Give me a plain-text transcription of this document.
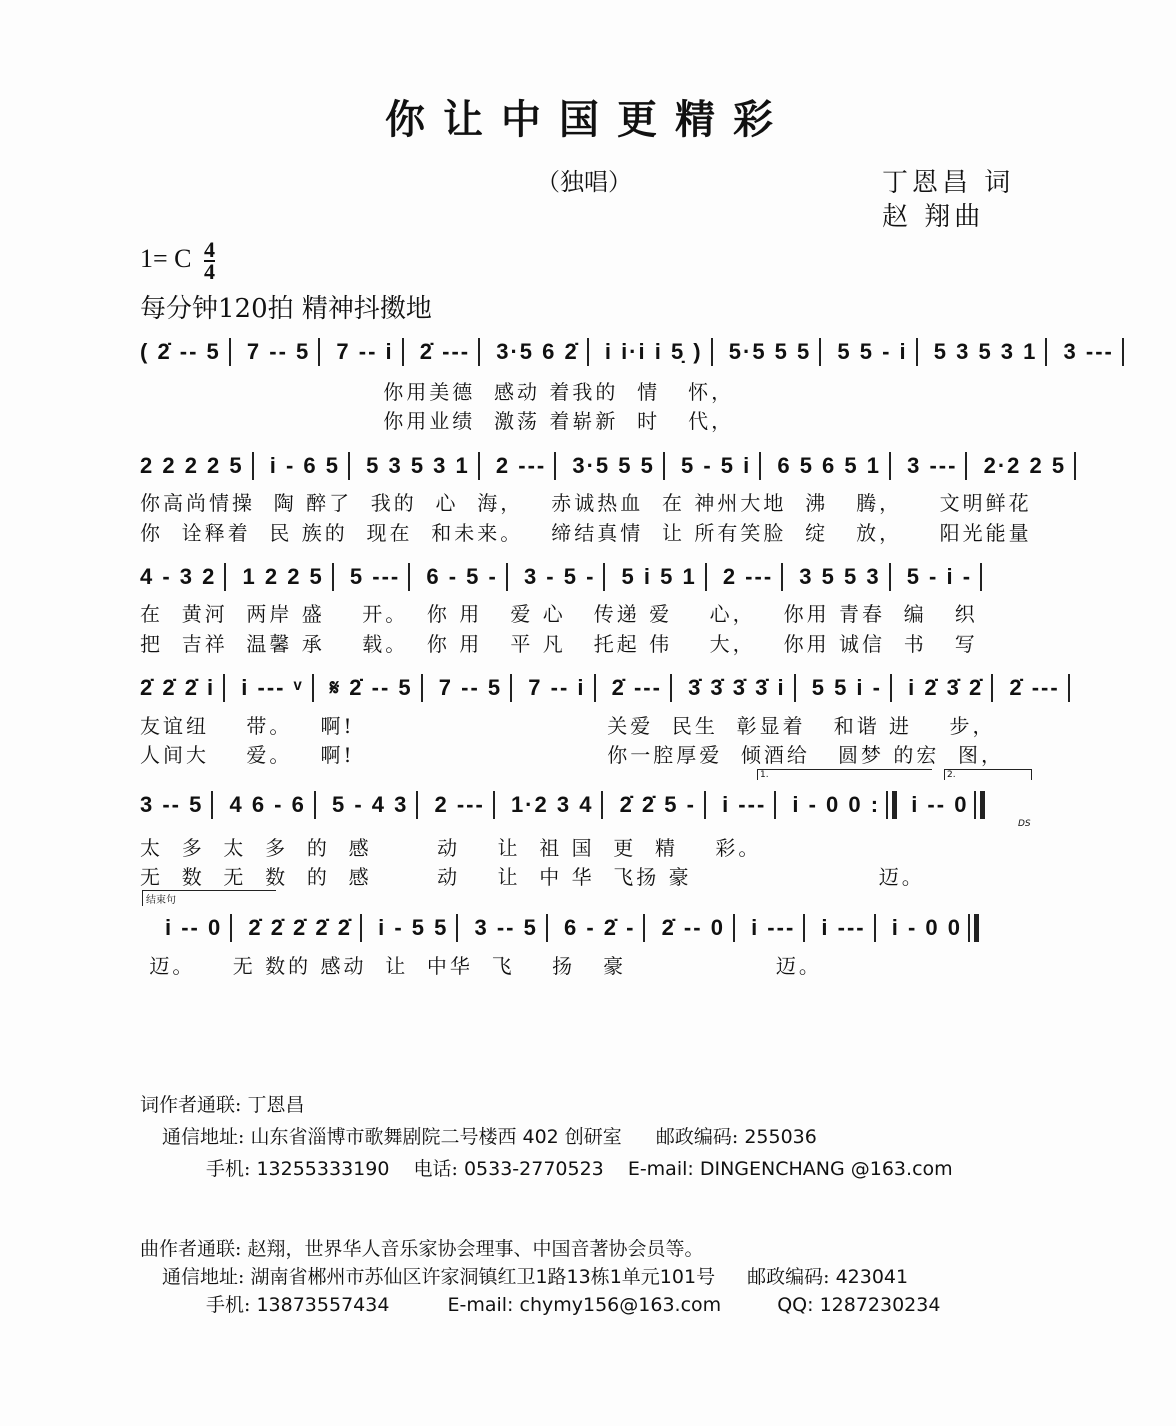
你让中国更精彩
（独唱）	丁恩昌 词
赵 翔曲
1= C $\frac{4}{4}$
每分钟120拍 精神抖擞地
( 2̇ -- 5 7 -- 5 7 -- i 2̇ --- 3·5 6 2̇ i i·i i 5̣ ) 5·5 5 5 5 5 - i 5 3 5 3 1 3 ---
你用美德  感动 着我的  情   怀，
你用业绩  激荡 着崭新  时   代，
2 2 2 2 5 i - 6 5 5 3 5 3 1 2 --- 3·5 5 5 5 - 5 i 6 5 6 5 1 3 --- 2·2 2 5
你高尚情操  陶 醉了  我的  心  海，   赤诚热血  在 神州大地  沸   腾，    文明鲜花
你  诠释着  民 族的  现在  和未来。   缔结真情  让 所有笑脸  绽   放，    阳光能量
4 - 3 2 1 2 2 5 5 --- 6 - 5 - 3 - 5 - 5 i 5 1 2 --- 3 5 5 3 5 - i -
在  黄河  两岸 盛    开。  你 用   爱 心   传递 爱    心，   你用 青春  编   织
把  吉祥  温馨 承    载。  你 用   平 凡   托起 伟    大，   你用 诚信  书   写
2̇ 2̇ 2̇ i i --- ᵛ 𝄋 2̇ -- 5 7 -- 5 7 -- i 2̇ --- 3̇ 3̇ 3̇ 3̇ i 5 5 i - i 2̇ 3̇ 2̇ 2̇ ---
友谊纽    带。   啊!                           关爱  民生  彰显着   和谐 进    步，
人间大    爱。   啊!                           你一腔厚爱  倾酒给   圆梦 的宏  图，
1.	2.
3 -- 5 4 6 - 6 5 - 4 3 2 --- 1·2 3 4 2̇ 2̇ 5 - i --- i - 0 0 : i -- 0
DS
太  多  太  多  的  感       动    让  祖 国  更  精    彩。
无  数  无  数  的  感       动    让  中 华  飞扬 豪                    迈。
结束句
i -- 0 2̇ 2̇ 2̇ 2̇ 2̇ i - 5 5 3 -- 5 6 - 2̇ - 2̇ -- 0 i --- i --- i - 0 0
迈。    无 数的 感动  让  中华  飞    扬   豪                迈。
词作者通联: 丁恩昌
通信地址: 山东省淄博市歌舞剧院二号楼西 402 创研室 邮政编码: 255036
手机: 13255333190 电话: 0533-2770523 E-mail: DINGENCHANG @163.com
曲作者通联: 赵翔，世界华人音乐家协会理事、中国音著协会员等。
通信地址: 湖南省郴州市苏仙区许家洞镇红卫1路13栋1单元101号 邮政编码: 423041
手机: 13873557434	E-mail: chymy156@163.com	QQ: 1287230234
